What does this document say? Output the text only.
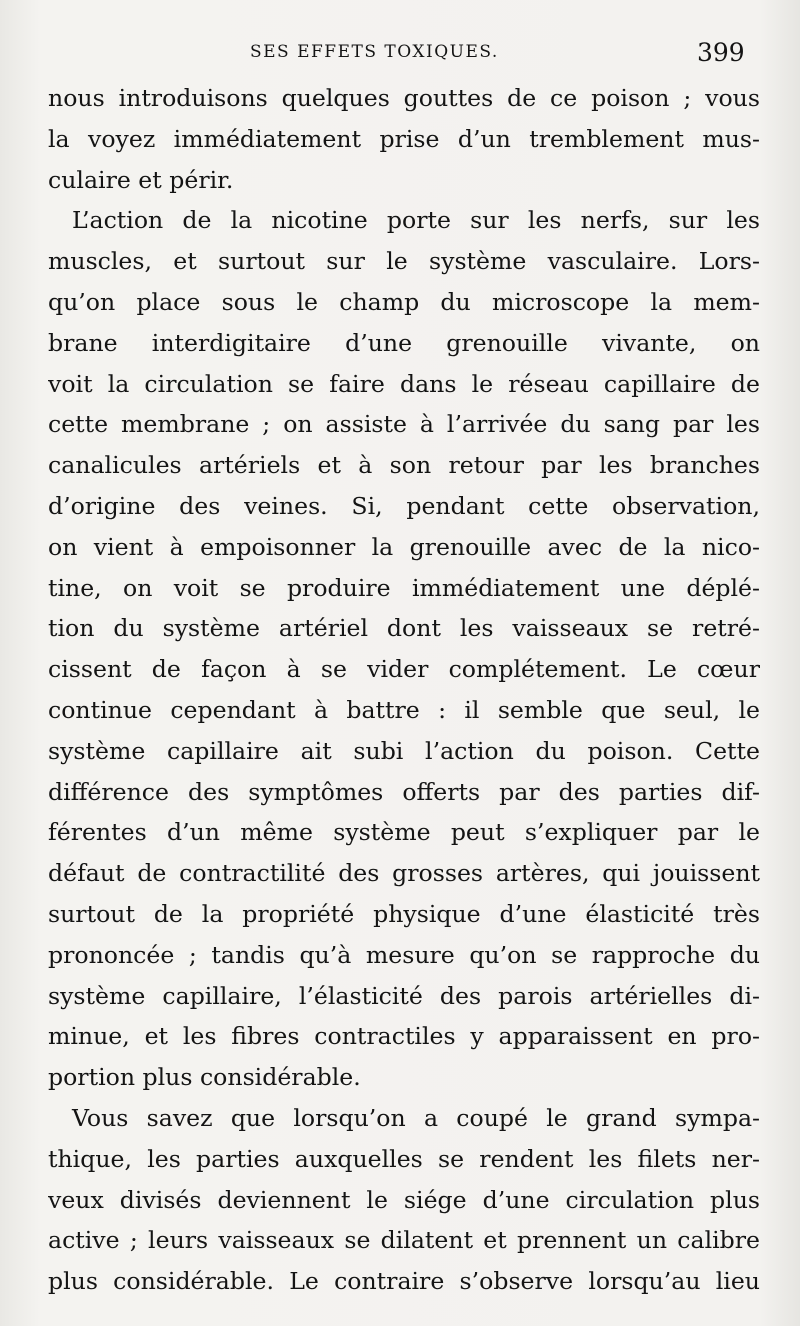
SES EFFETS TOXIQUES.	399
nous introduisons quelques gouttes de ce poison ; vous
la voyez immédiatement prise d’un tremblement mus-
culaire et périr.
L’action de la nicotine porte sur les nerfs, sur les
muscles, et surtout sur le système vasculaire. Lors-
qu’on place sous le champ du microscope la mem-
brane interdigitaire d’une grenouille vivante, on
voit la circulation se faire dans le réseau capillaire de
cette membrane ; on assiste à l’arrivée du sang par les
canalicules artériels et à son retour par les branches
d’origine des veines. Si, pendant cette observation,
on vient à empoisonner la grenouille avec de la nico-
tine, on voit se produire immédiatement une déplé-
tion du système artériel dont les vaisseaux se retré-
cissent de façon à se vider complétement. Le cœur
continue cependant à battre : il semble que seul, le
système capillaire ait subi l’action du poison. Cette
différence des symptômes offerts par des parties dif-
férentes d’un même système peut s’expliquer par le
défaut de contractilité des grosses artères, qui jouissent
surtout de la propriété physique d’une élasticité très
prononcée ; tandis qu’à mesure qu’on se rapproche du
système capillaire, l’élasticité des parois artérielles di-
minue, et les fibres contractiles y apparaissent en pro-
portion plus considérable.
Vous savez que lorsqu’on a coupé le grand sympa-
thique, les parties auxquelles se rendent les filets ner-
veux divisés deviennent le siége d’une circulation plus
active ; leurs vaisseaux se dilatent et prennent un calibre
plus considérable. Le contraire s’observe lorsqu’au lieu
